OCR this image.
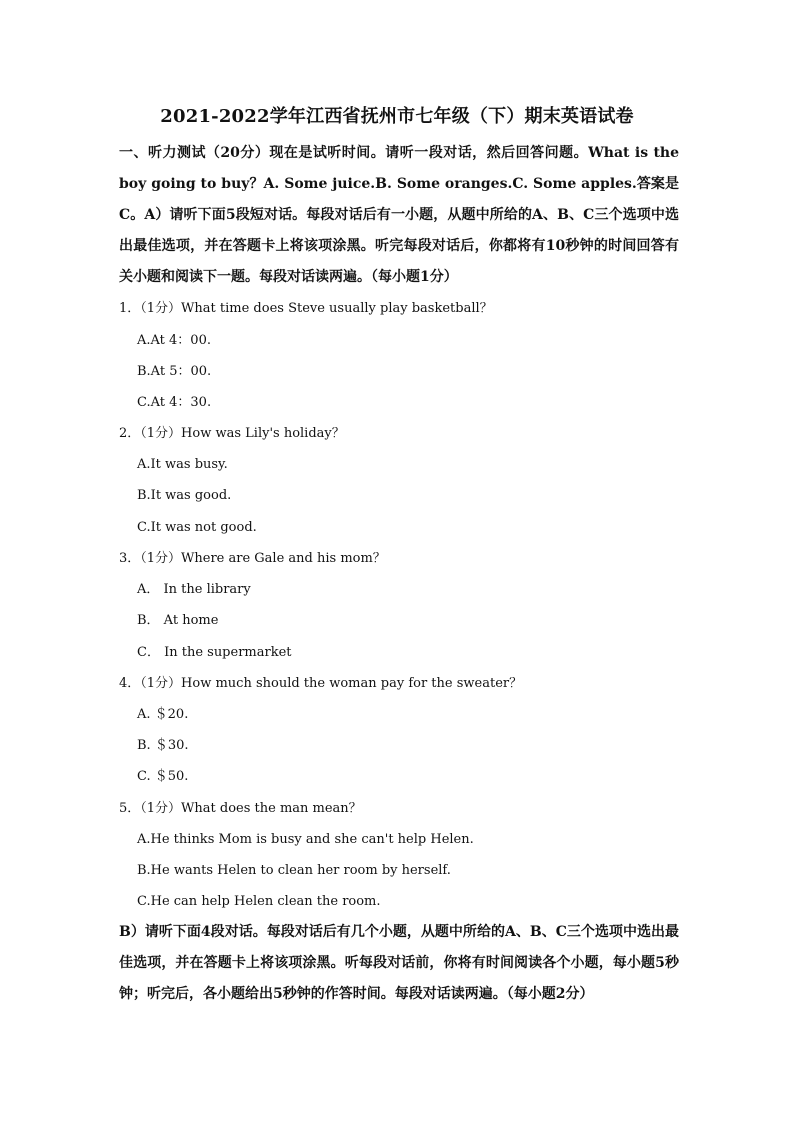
2021-2022学年江西省抚州市七年级（下）期末英语试卷
一、听力测试（20分）现在是试听时间。请听一段对话，然后回答问题。What is the boy going to buy？A. Some juice.B. Some oranges.C. Some apples.答案是C。A）请听下面5段短对话。每段对话后有一小题，从题中所给的A、B、C三个选项中选出最佳选项，并在答题卡上将该项涂黑。听完每段对话后，你都将有10秒钟的时间回答有关小题和阅读下一题。每段对话读两遍。（每小题1分）
1．（1分）What time does Steve usually play basketball？
A.At 4：00.
B.At 5：00.
C.At 4：30.
2．（1分）How was Lily's holiday？
A.It was busy.
B.It was good.
C.It was not good.
3．（1分）Where are Gale and his mom？
A． In the library
B． At home
C． In the supermarket
4．（1分）How much should the woman pay for the sweater？
A. ＄20.
B. ＄30.
C. ＄50.
5．（1分）What does the man mean？
A.He thinks Mom is busy and she can't help Helen.
B.He wants Helen to clean her room by herself.
C.He can help Helen clean the room.
B）请听下面4段对话。每段对话后有几个小题，从题中所给的A、B、C三个选项中选出最佳选项，并在答题卡上将该项涂黑。听每段对话前，你将有时间阅读各个小题，每小题5秒钟；听完后，各小题给出5秒钟的作答时间。每段对话读两遍。（每小题2分）
